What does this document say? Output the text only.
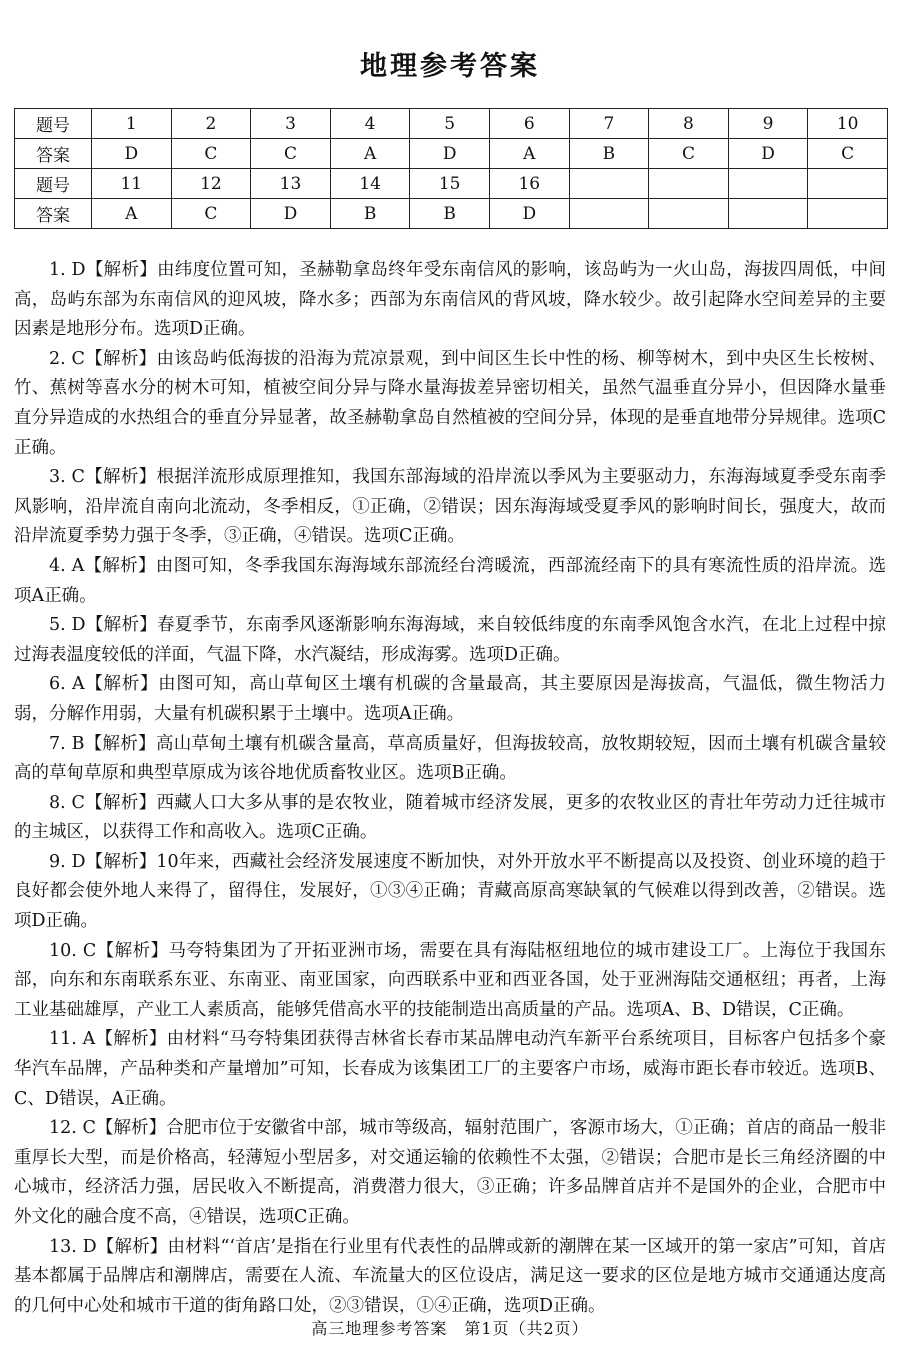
地理参考答案
题号	1	2	3	4	5	6	7	8	9	10
答案	D	C	C	A	D	A	B	C	D	C
题号	11	12	13	14	15	16				
答案	A	C	D	B	B	D				

1. D【解析】由纬度位置可知，圣赫勒拿岛终年受东南信风的影响，该岛屿为一火山岛，海拔四周低，中间高，岛屿东部为东南信风的迎风坡，降水多；西部为东南信风的背风坡，降水较少。故引起降水空间差异的主要因素是地形分布。选项D正确。

2. C【解析】由该岛屿低海拔的沿海为荒凉景观，到中间区生长中性的杨、柳等树木，到中央区生长桉树、竹、蕉树等喜水分的树木可知，植被空间分异与降水量海拔差异密切相关，虽然气温垂直分异小，但因降水量垂直分异造成的水热组合的垂直分异显著，故圣赫勒拿岛自然植被的空间分异，体现的是垂直地带分异规律。选项C正确。

3. C【解析】根据洋流形成原理推知，我国东部海域的沿岸流以季风为主要驱动力，东海海域夏季受东南季风影响，沿岸流自南向北流动，冬季相反，①正确，②错误；因东海海域受夏季风的影响时间长，强度大，故而沿岸流夏季势力强于冬季，③正确，④错误。选项C正确。

4. A【解析】由图可知，冬季我国东海海域东部流经台湾暖流，西部流经南下的具有寒流性质的沿岸流。选项A正确。

5. D【解析】春夏季节，东南季风逐渐影响东海海域，来自较低纬度的东南季风饱含水汽，在北上过程中掠过海表温度较低的洋面，气温下降，水汽凝结，形成海雾。选项D正确。

6. A【解析】由图可知，高山草甸区土壤有机碳的含量最高，其主要原因是海拔高，气温低，微生物活力弱，分解作用弱，大量有机碳积累于土壤中。选项A正确。

7. B【解析】高山草甸土壤有机碳含量高，草高质量好，但海拔较高，放牧期较短，因而土壤有机碳含量较高的草甸草原和典型草原成为该谷地优质畜牧业区。选项B正确。

8. C【解析】西藏人口大多从事的是农牧业，随着城市经济发展，更多的农牧业区的青壮年劳动力迁往城市的主城区，以获得工作和高收入。选项C正确。

9. D【解析】10年来，西藏社会经济发展速度不断加快，对外开放水平不断提高以及投资、创业环境的趋于良好都会使外地人来得了，留得住，发展好，①③④正确；青藏高原高寒缺氧的气候难以得到改善，②错误。选项D正确。

10. C【解析】马夸特集团为了开拓亚洲市场，需要在具有海陆枢纽地位的城市建设工厂。上海位于我国东部，向东和东南联系东亚、东南亚、南亚国家，向西联系中亚和西亚各国，处于亚洲海陆交通枢纽；再者，上海工业基础雄厚，产业工人素质高，能够凭借高水平的技能制造出高质量的产品。选项A、B、D错误，C正确。

11. A【解析】由材料“马夸特集团获得吉林省长春市某品牌电动汽车新平台系统项目，目标客户包括多个豪华汽车品牌，产品种类和产量增加”可知，长春成为该集团工厂的主要客户市场，威海市距长春市较近。选项B、C、D错误，A正确。

12. C【解析】合肥市位于安徽省中部，城市等级高，辐射范围广，客源市场大，①正确；首店的商品一般非重厚长大型，而是价格高，轻薄短小型居多，对交通运输的依赖性不太强，②错误；合肥市是长三角经济圈的中心城市，经济活力强，居民收入不断提高，消费潜力很大，③正确；许多品牌首店并不是国外的企业，合肥市中外文化的融合度不高，④错误，选项C正确。

13. D【解析】由材料“‘首店’是指在行业里有代表性的品牌或新的潮牌在某一区域开的第一家店”可知，首店基本都属于品牌店和潮牌店，需要在人流、车流量大的区位设店，满足这一要求的区位是地方城市交通通达度高的几何中心处和城市干道的街角路口处，②③错误，①④正确，选项D正确。

高三地理参考答案　第1页（共2页）
